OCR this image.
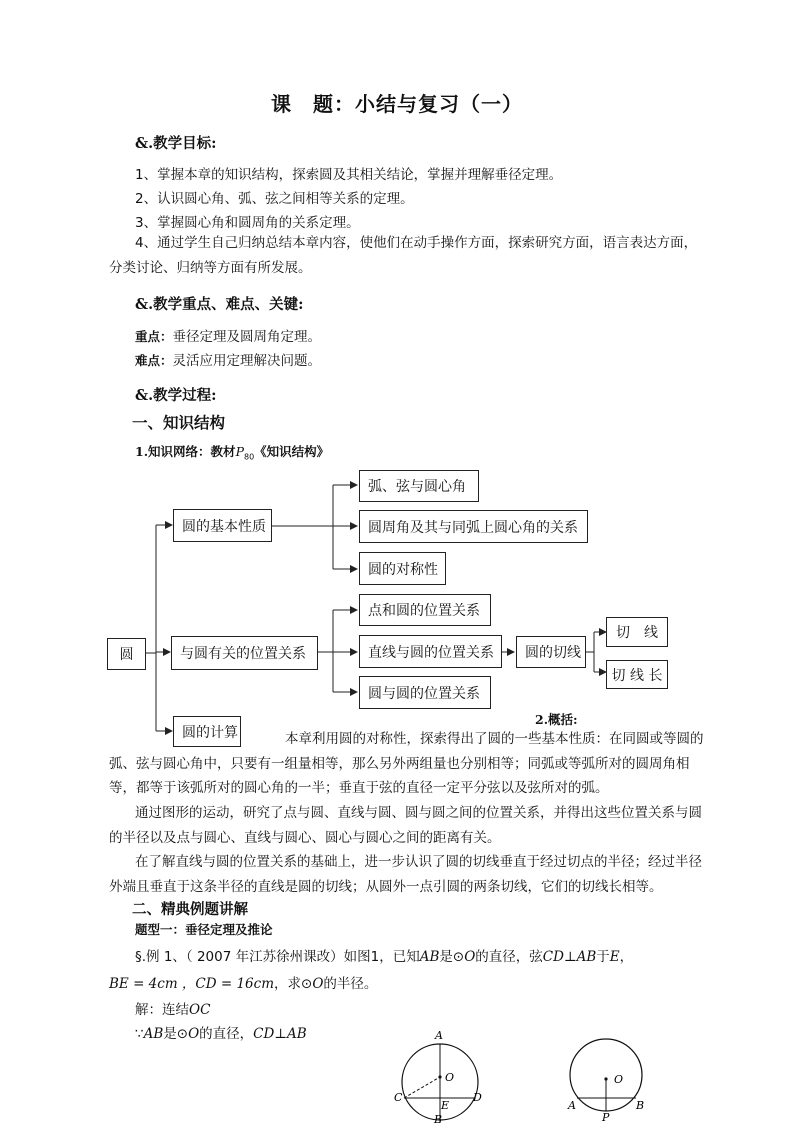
课　题：小结与复习（一）
&.教学目标:
1、掌握本章的知识结构，探索圆及其相关结论，掌握并理解垂径定理。
2、认识圆心角、弧、弦之间相等关系的定理。
3、掌握圆心角和圆周角的关系定理。
4、通过学生自己归纳总结本章内容，使他们在动手操作方面，探索研究方面，语言表达方面，分类讨论、归纳等方面有所发展。
&.教学重点、难点、关键:
重点：垂径定理及圆周角定理。
难点：灵活应用定理解决问题。
&.教学过程:
一、知识结构
1.知识网络：教材$P_{80}$《知识结构》
圆
圆的基本性质
与圆有关的位置关系
圆的计算
弧、弦与圆心角
圆周角及其与同弧上圆心角的关系
圆的对称性
点和圆的位置关系
直线与圆的位置关系
圆与圆的位置关系
圆的切线
切　线
切 线 长
2.概括:
本章利用圆的对称性，探索得出了圆的一些基本性质：在同圆或等圆的弧、弦与圆心角中，只要有一组量相等，那么另外两组量也分别相等；同弧或等弧所对的圆周角相等，都等于该弧所对的圆心角的一半；垂直于弦的直径一定平分弦以及弦所对的弧。
通过图形的运动，研究了点与圆、直线与圆、圆与圆之间的位置关系，并得出这些位置关系与圆的半径以及点与圆心、直线与圆心、圆心与圆心之间的距离有关。
在了解直线与圆的位置关系的基础上，进一步认识了圆的切线垂直于经过切点的半径；经过半径外端且垂直于这条半径的直线是圆的切线；从圆外一点引圆的两条切线，它们的切线长相等。
二、精典例题讲解
题型一：垂径定理及推论
§.例 1、（ 2007 年江苏徐州课改）如图1，已知AB是⊙O的直径，弦CD⊥AB于E，
BE = 4cm ，CD = 16cm，求⊙O的半径。
解：连结OC
∵AB是⊙O的直径，CD⊥AB	A
O
C
E
D
B
O
A
P
B
